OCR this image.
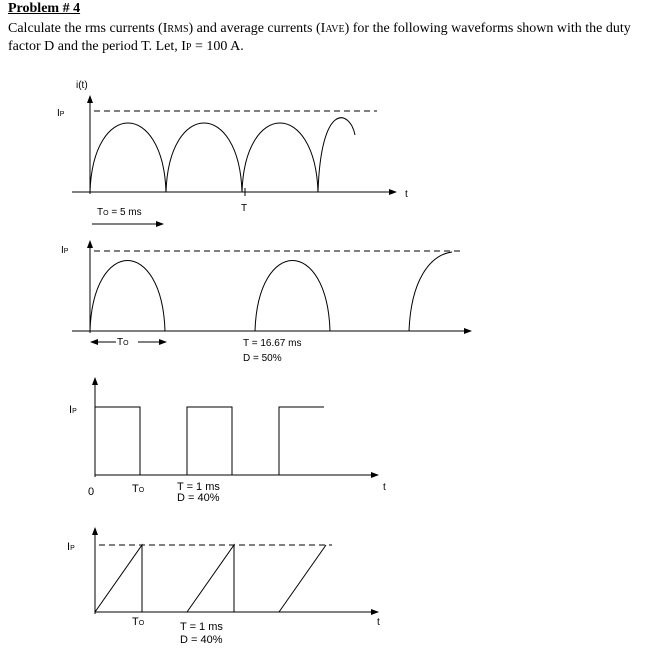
Problem # 4
Calculate the rms currents (IRMS) and average currents (IAVE) for the following waveforms shown with the duty factor D and the period T. Let, IP = 100 A.
i(t)
IP
t
T
TO = 5 ms
IP
TO	T = 16.67 ms
D = 50%
IP
0	TO	T = 1 ms
D = 40%
t
IP
TO	T = 1 ms
D = 40%
t
